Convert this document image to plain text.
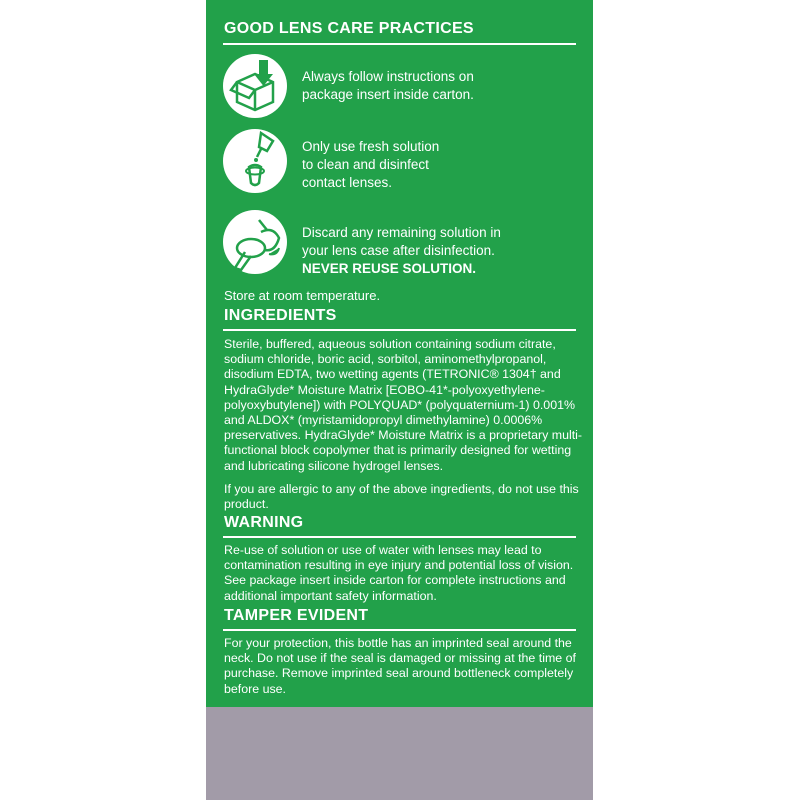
GOOD LENS CARE PRACTICES
Always follow instructions on
package insert inside carton.
Only use fresh solution
to clean and disinfect
contact lenses.
Discard any remaining solution in
your lens case after disinfection.
NEVER REUSE SOLUTION.
Store at room temperature.
INGREDIENTS
Sterile, buffered, aqueous solution containing sodium citrate, sodium chloride, boric acid, sorbitol, aminomethylpropanol, disodium EDTA, two wetting agents (TETRONIC® 1304† and HydraGlyde* Moisture Matrix [EOBO-41*-polyoxyethylene-polyoxybutylene]) with POLYQUAD* (polyquaternium-1) 0.001% and ALDOX* (myristamidopropyl dimethylamine) 0.0006% preservatives. HydraGlyde* Moisture Matrix is a proprietary multi-functional block copolymer that is primarily designed for wetting and lubricating silicone hydrogel lenses.
If you are allergic to any of the above ingredients, do not use this product.
WARNING
Re-use of solution or use of water with lenses may lead to contamination resulting in eye injury and potential loss of vision. See package insert inside carton for complete instructions and additional important safety information.
TAMPER EVIDENT
For your protection, this bottle has an imprinted seal around the neck. Do not use if the seal is damaged or missing at the time of purchase. Remove imprinted seal around bottleneck completely before use.
